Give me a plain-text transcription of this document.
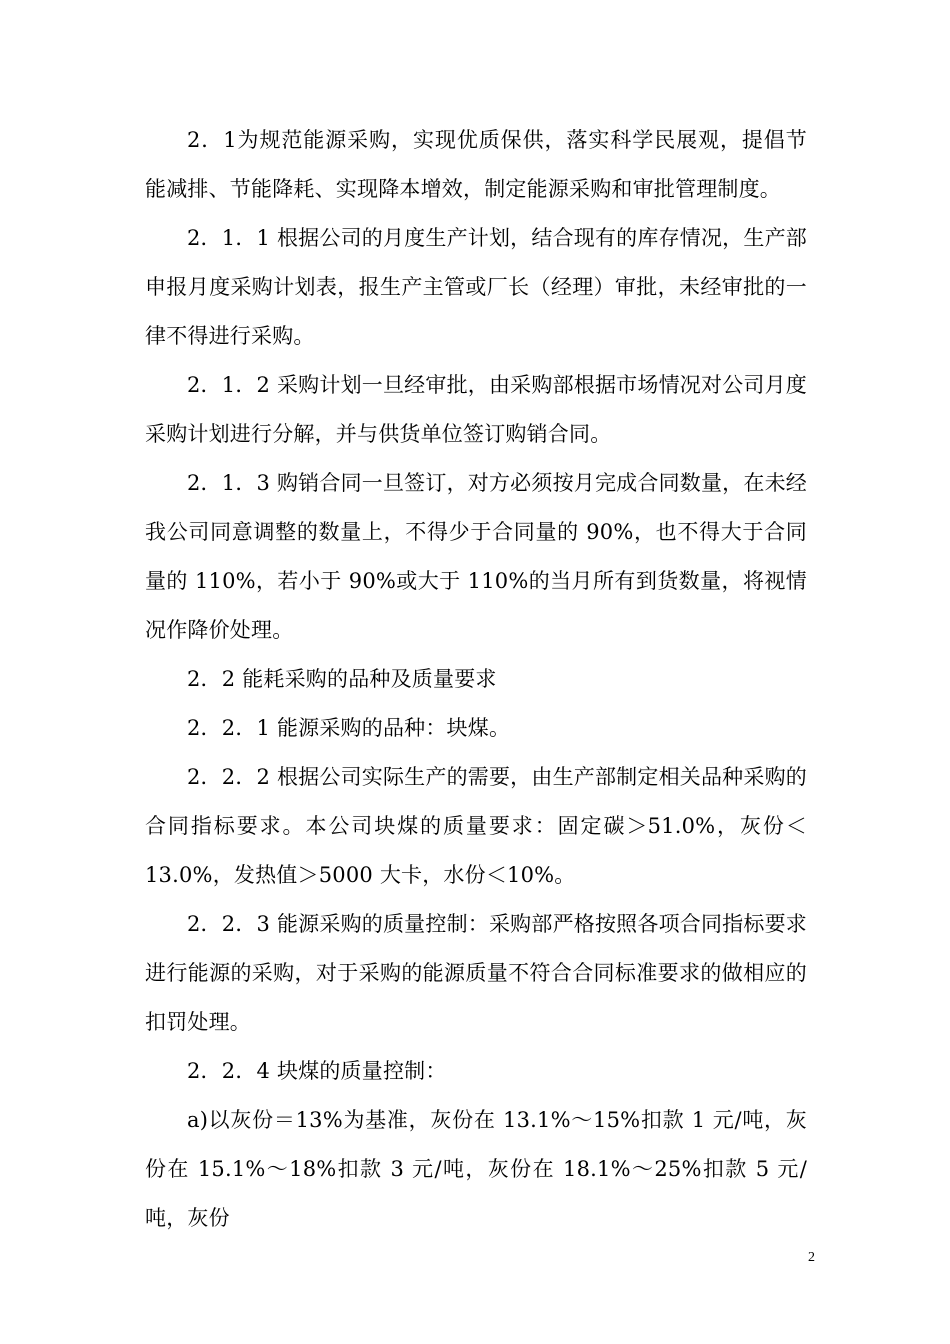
2．1为规范能源采购，实现优质保供，落实科学民展观，提倡节能减排、节能降耗、实现降本增效，制定能源采购和审批管理制度。

2．1．1 根据公司的月度生产计划，结合现有的库存情况，生产部申报月度采购计划表，报生产主管或厂长（经理）审批，未经审批的一律不得进行采购。

2．1．2 采购计划一旦经审批，由采购部根据市场情况对公司月度采购计划进行分解，并与供货单位签订购销合同。

2．1．3 购销合同一旦签订，对方必须按月完成合同数量，在未经我公司同意调整的数量上，不得少于合同量的 90%，也不得大于合同量的 110%，若小于 90%或大于 110%的当月所有到货数量，将视情况作降价处理。

2．2 能耗采购的品种及质量要求

2．2．1 能源采购的品种：块煤。

2．2．2 根据公司实际生产的需要，由生产部制定相关品种采购的合同指标要求。本公司块煤的质量要求：固定碳＞51.0%，灰份＜13.0%，发热值＞5000 大卡，水份＜10%。

2．2．3 能源采购的质量控制：采购部严格按照各项合同指标要求进行能源的采购，对于采购的能源质量不符合合同标准要求的做相应的扣罚处理。

2．2．4 块煤的质量控制：

a)以灰份＝13%为基准，灰份在 13.1%～15%扣款 1 元/吨，灰份在 15.1%～18%扣款 3 元/吨，灰份在 18.1%～25%扣款 5 元/吨，灰份

2
